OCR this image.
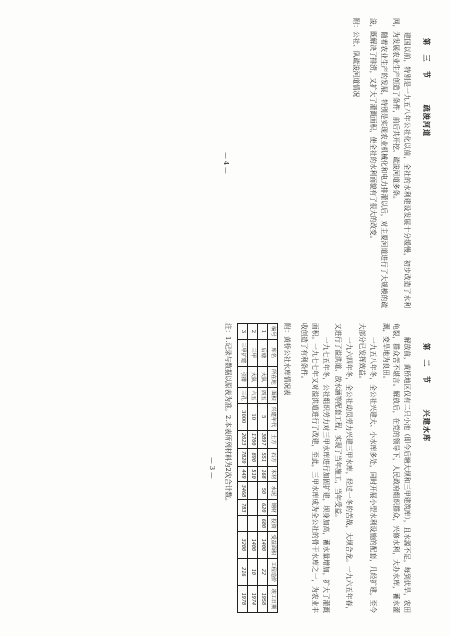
第　三　节 疏浚河道

建国以前，特别是一九五八年公社化以前，全社的水利建设发展十分缓慢，初步改造了水利网，为发展农业生产创造了条件，前后共开挖、疏浚河道多条。

随着农业生产的发展，特别是实现农业机械化和电力排灌以后，对主要河道进行了大规模的疏浚，既解决了排涝，又扩大了灌溉面积，使全社的水利面貌有了很大的改变。

附：公社、队疏浚河道情况

— 4 —
第　二　节 兴建水库

解放前，黄桥地区仅有二只小池（即今后塘大坝和三甲建筑库），且水源不足，每到伏旱，农田龟裂，群众苦不堪言。解放后，在党的领导下，人民政府组织群众，兴修水利，大办水库，蓄水灌溉，变旱地为良田。

一九五八年冬，全公社兴建大、小水库多处，同时开展小型水利设施的配套，几经扩建，至今大部分已发挥效益。

一九六四年冬，全公社动员劳力兴建三甲水库，经过一冬的苦战，大坝合龙。一九六五年春，又进行了溢洪道、放水涵等配套工程，实现了当年施工，当年受益。

一九七五年冬，公社组织劳力对三甲水库进行加固扩建，坝身加高，蓄水量增加，扩大了灌溉面积。一九七七年又对溢洪道进行了改建，至此，三甲水库成为全公社的骨干水库之一，为农业丰收创造了有利条件。

附：黄桥公社水库情况表

编号	库名	所在地	面积	兴建年代	土方	石方	木材	水泥	钢材	投资	受益面积	工程造价	竣工日期
1	后塘	大队	四五	5	3897	551	168	50	620	680	1400	22	1958
2	三甲	大队	六五	10	1700	890	510				1400	10	1974
3	三甲扩建	引排	三孔	3000	2023	7820	449	3468	783		3200	216	1978

注：1.记录与数据以原表为准。2.本表所列材料为2次合计数。

— 3 —
